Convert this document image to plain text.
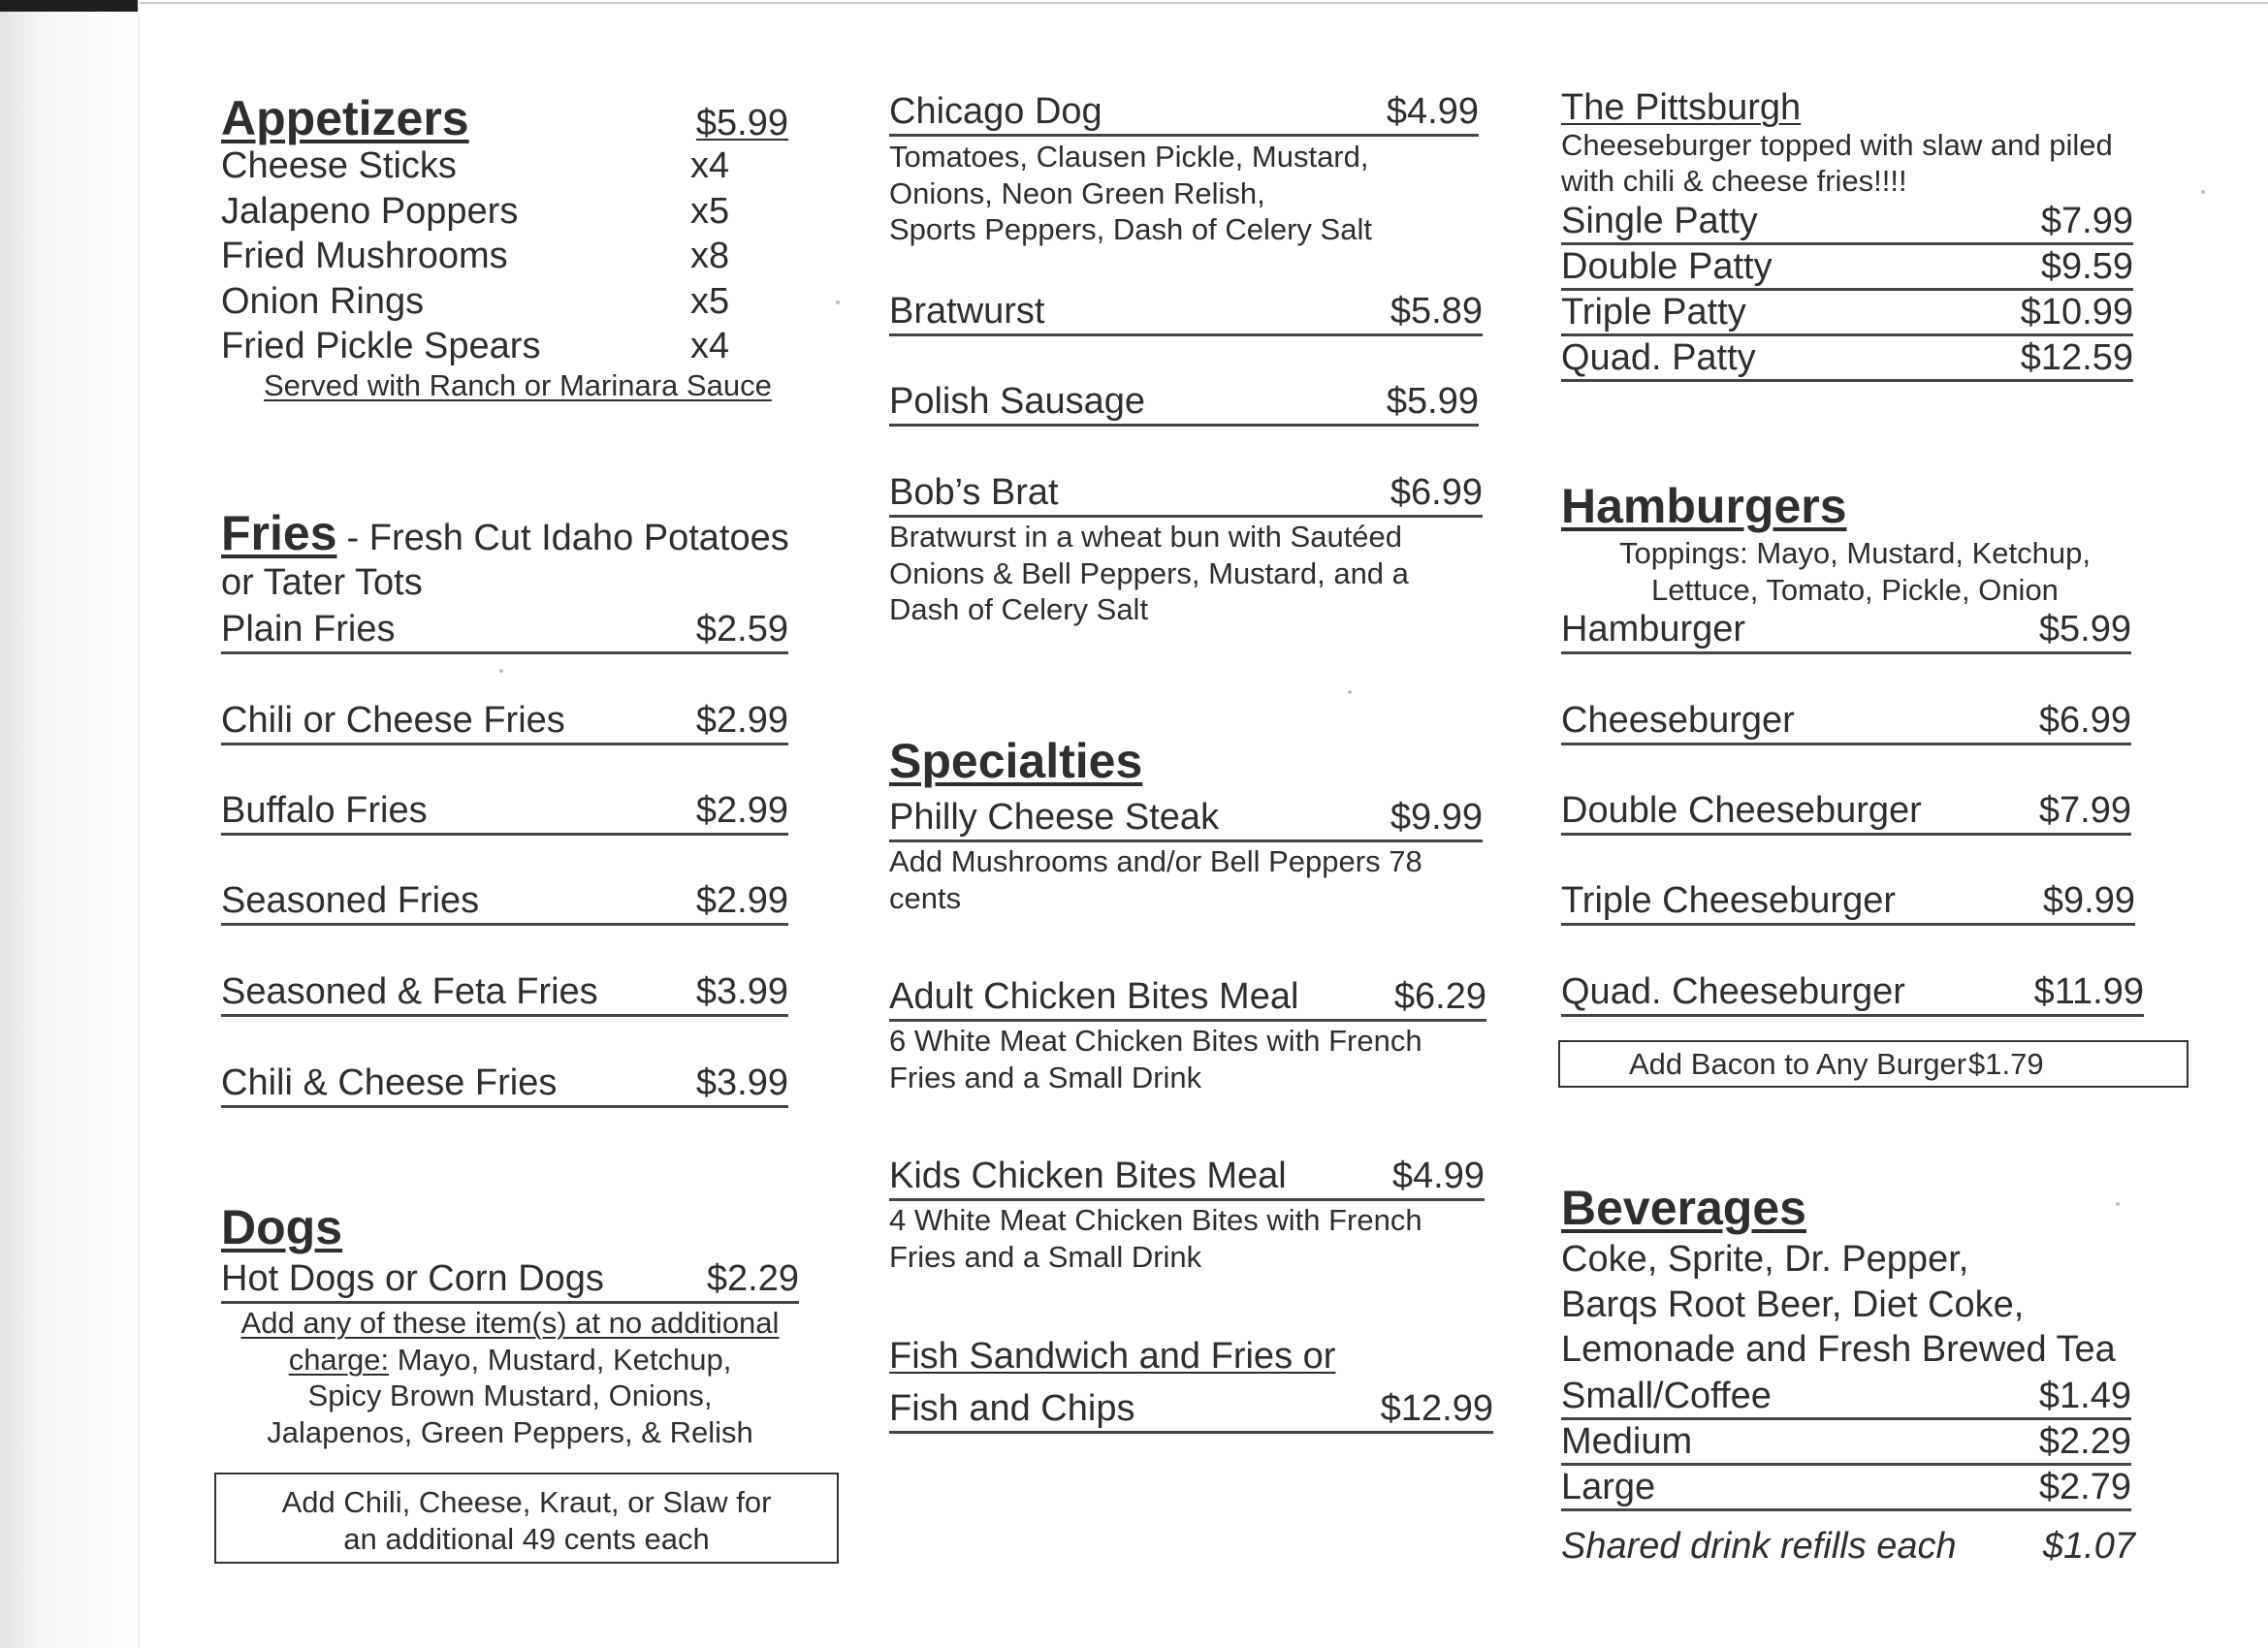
Appetizers	$5.99
Cheese Sticks	x4
Jalapeno Poppers	x5
Fried Mushrooms	x8
Onion Rings	x5
Fried Pickle Spears	x4
Served with Ranch or Marinara Sauce
Fries - Fresh Cut Idaho Potatoes
or Tater Tots
Plain Fries	$2.59
Chili or Cheese Fries	$2.99
Buffalo Fries	$2.99
Seasoned Fries	$2.99
Seasoned & Feta Fries	$3.99
Chili & Cheese Fries	$3.99
Dogs
Hot Dogs or Corn Dogs	$2.29
Add any of these item(s) at no additional
charge: Mayo, Mustard, Ketchup,
Spicy Brown Mustard, Onions,
Jalapenos, Green Peppers, & Relish
Add Chili, Cheese, Kraut, or Slaw for
an additional 49 cents each
Chicago Dog	$4.99
Tomatoes, Clausen Pickle, Mustard,
Onions, Neon Green Relish,
Sports Peppers, Dash of Celery Salt
Bratwurst	$5.89
Polish Sausage	$5.99
Bob’s Brat	$6.99
Bratwurst in a wheat bun with Sautéed
Onions & Bell Peppers, Mustard, and a
Dash of Celery Salt
Specialties
Philly Cheese Steak	$9.99
Add Mushrooms and/or Bell Peppers 78
cents
Adult Chicken Bites Meal	$6.29
6 White Meat Chicken Bites with French
Fries and a Small Drink
Kids Chicken Bites Meal	$4.99
4 White Meat Chicken Bites with French
Fries and a Small Drink
Fish Sandwich and Fries or
Fish and Chips	$12.99
The Pittsburgh
Cheeseburger topped with slaw and piled
with chili & cheese fries!!!!
Single Patty	$7.99
Double Patty	$9.59
Triple Patty	$10.99
Quad. Patty	$12.59
Hamburgers
Toppings: Mayo, Mustard, Ketchup,
Lettuce, Tomato, Pickle, Onion
Hamburger	$5.99
Cheeseburger	$6.99
Double Cheeseburger	$7.99
Triple Cheeseburger	$9.99
Quad. Cheeseburger	$11.99
Add Bacon to Any Burger $1.79
Beverages
Coke, Sprite, Dr. Pepper,
Barqs Root Beer, Diet Coke,
Lemonade and Fresh Brewed Tea
Small/Coffee	$1.49
Medium	$2.29
Large	$2.79
Shared drink refills each $1.07
